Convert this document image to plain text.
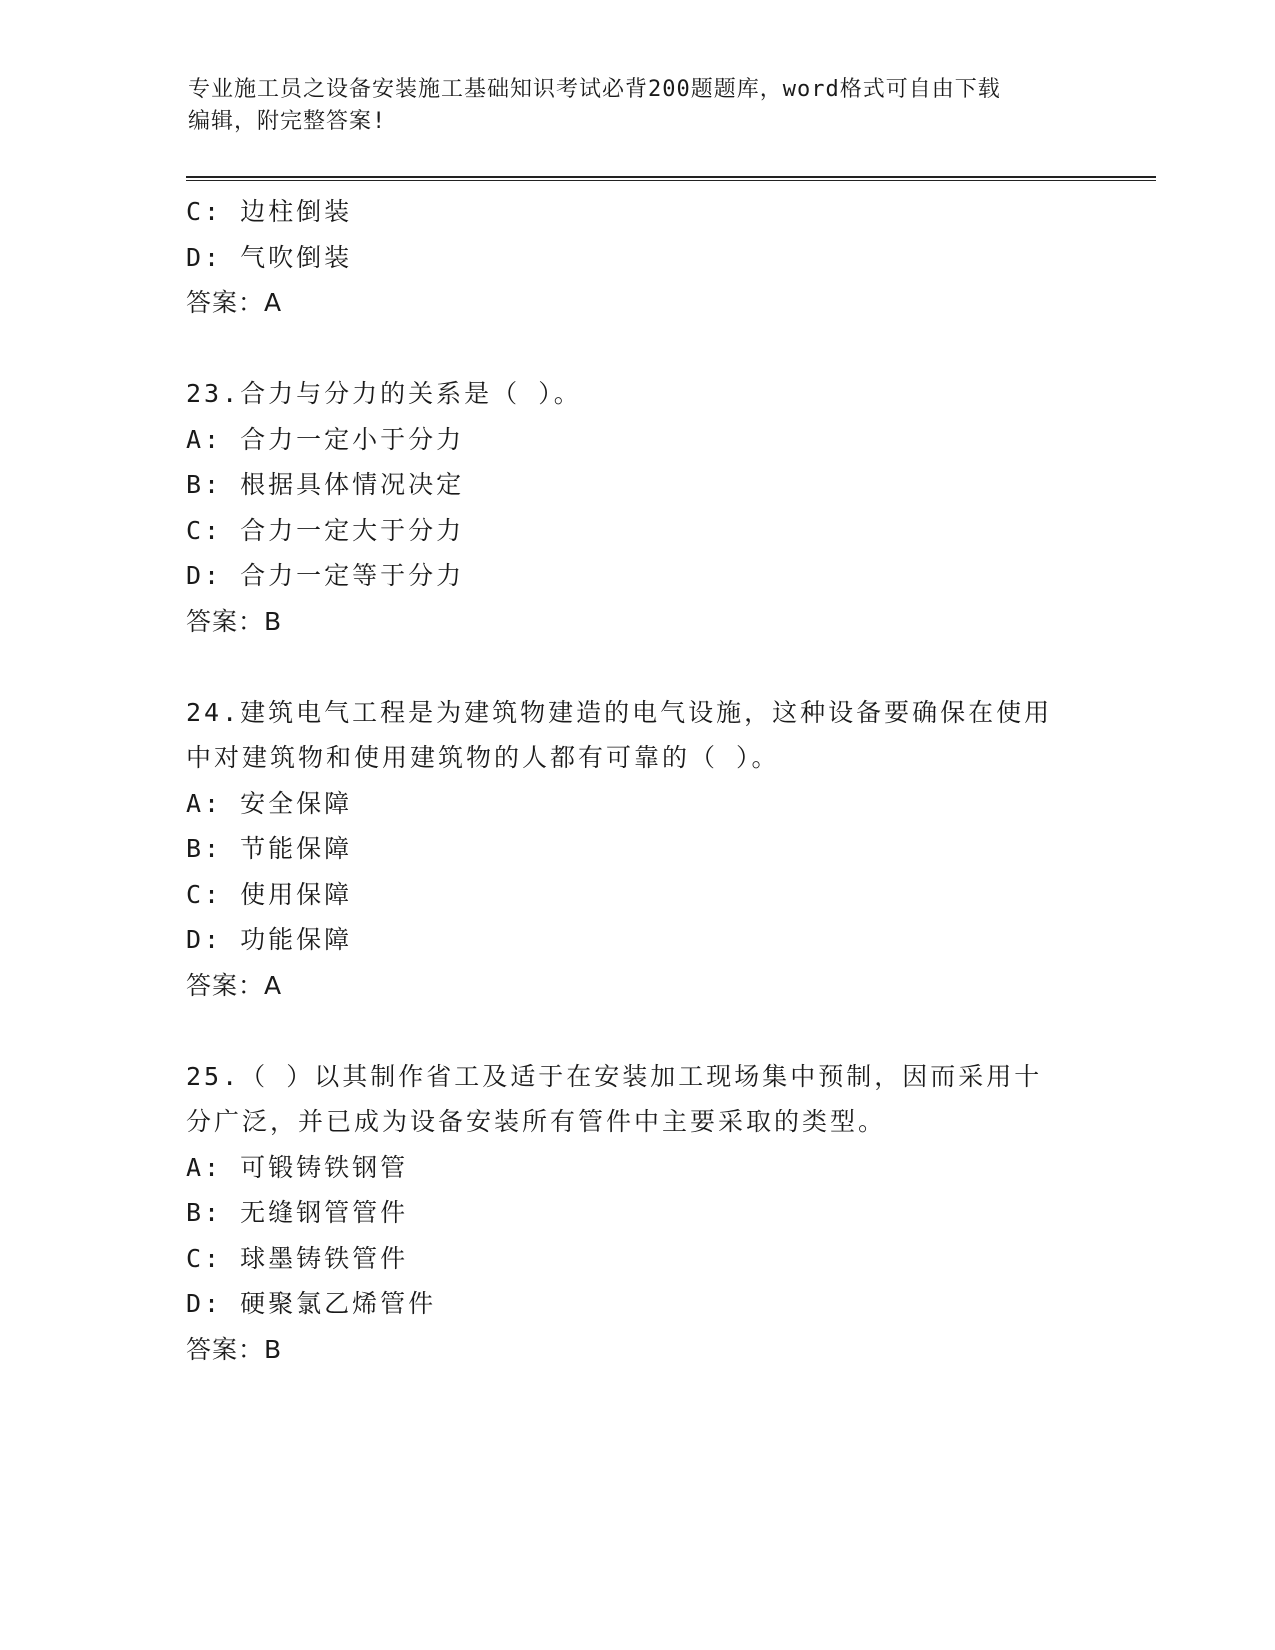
专业施工员之设备安装施工基础知识考试必背200题题库，word格式可自由下载
编辑，附完整答案!
C: 边柱倒装
D: 气吹倒装
答案：A
23.合力与分力的关系是（ ）。
A: 合力一定小于分力
B: 根据具体情况决定
C: 合力一定大于分力
D: 合力一定等于分力
答案：B
24.建筑电气工程是为建筑物建造的电气设施，这种设备要确保在使用
中对建筑物和使用建筑物的人都有可靠的（ ）。
A: 安全保障
B: 节能保障
C: 使用保障
D: 功能保障
答案：A
25.（ ）以其制作省工及适于在安装加工现场集中预制，因而采用十
分广泛，并已成为设备安装所有管件中主要采取的类型。
A: 可锻铸铁钢管
B: 无缝钢管管件
C: 球墨铸铁管件
D: 硬聚氯乙烯管件
答案：B
